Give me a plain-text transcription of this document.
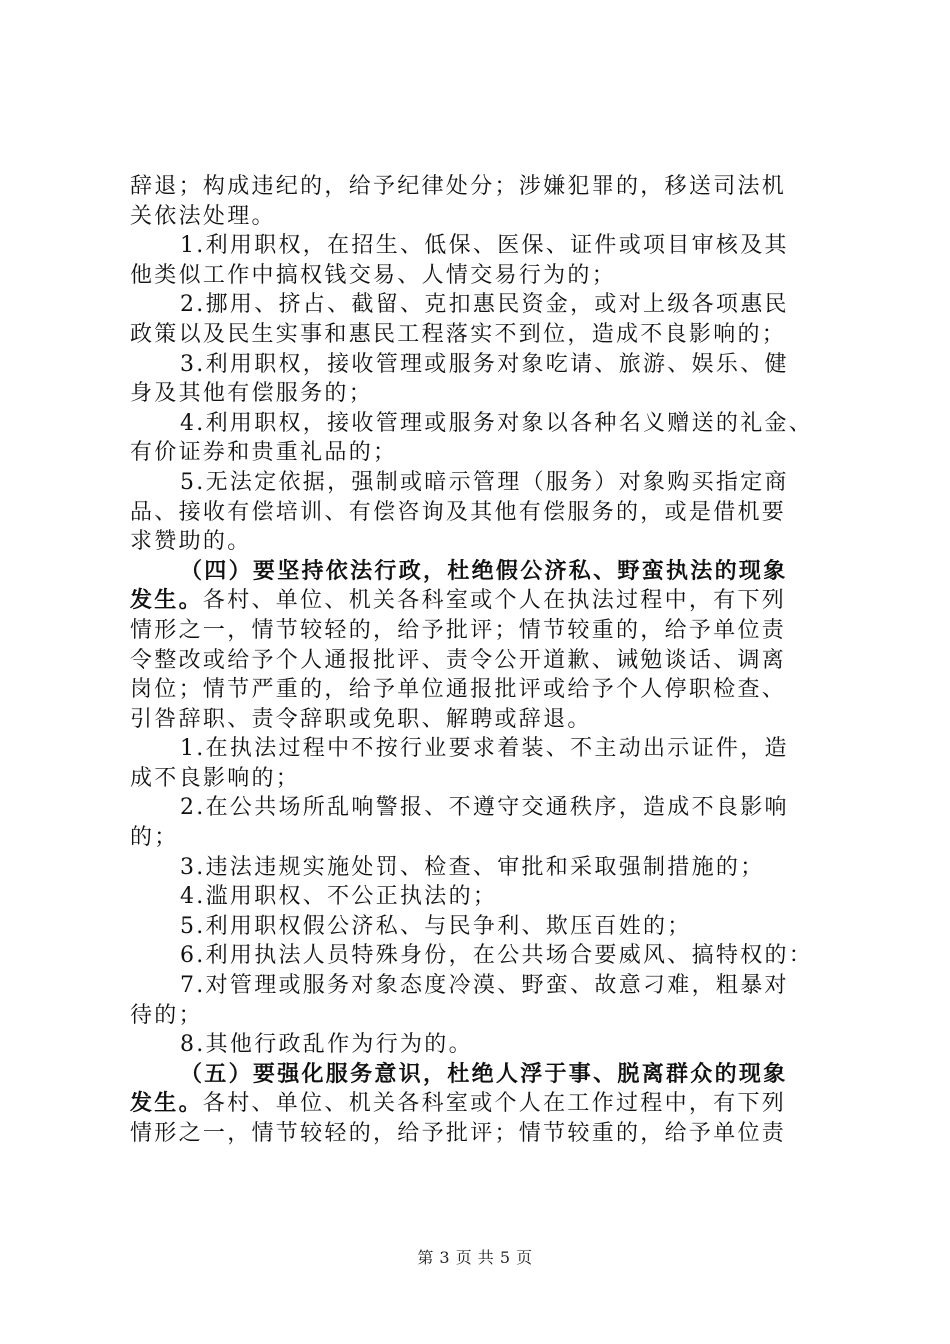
辞退；构成违纪的，给予纪律处分；涉嫌犯罪的，移送司法机
关依法处理。
1.利用职权，在招生、低保、医保、证件或项目审核及其
他类似工作中搞权钱交易、人情交易行为的；
2.挪用、挤占、截留、克扣惠民资金，或对上级各项惠民
政策以及民生实事和惠民工程落实不到位，造成不良影响的；
3.利用职权，接收管理或服务对象吃请、旅游、娱乐、健
身及其他有偿服务的；
4.利用职权，接收管理或服务对象以各种名义赠送的礼金、
有价证券和贵重礼品的；
5.无法定依据，强制或暗示管理（服务）对象购买指定商
品、接收有偿培训、有偿咨询及其他有偿服务的，或是借机要
求赞助的。
（四）要坚持依法行政，杜绝假公济私、野蛮执法的现象
发生。各村、单位、机关各科室或个人在执法过程中，有下列
情形之一，情节较轻的，给予批评；情节较重的，给予单位责
令整改或给予个人通报批评、责令公开道歉、诫勉谈话、调离
岗位；情节严重的，给予单位通报批评或给予个人停职检查、
引咎辞职、责令辞职或免职、解聘或辞退。
1.在执法过程中不按行业要求着装、不主动出示证件，造
成不良影响的；
2.在公共场所乱响警报、不遵守交通秩序，造成不良影响
的；
3.违法违规实施处罚、检查、审批和采取强制措施的；
4.滥用职权、不公正执法的；
5.利用职权假公济私、与民争利、欺压百姓的；
6.利用执法人员特殊身份，在公共场合要威风、搞特权的：
7.对管理或服务对象态度冷漠、野蛮、故意刁难，粗暴对
待的；
8.其他行政乱作为行为的。
（五）要强化服务意识，杜绝人浮于事、脱离群众的现象
发生。各村、单位、机关各科室或个人在工作过程中，有下列
情形之一，情节较轻的，给予批评；情节较重的，给予单位责
第 3 页 共 5 页
